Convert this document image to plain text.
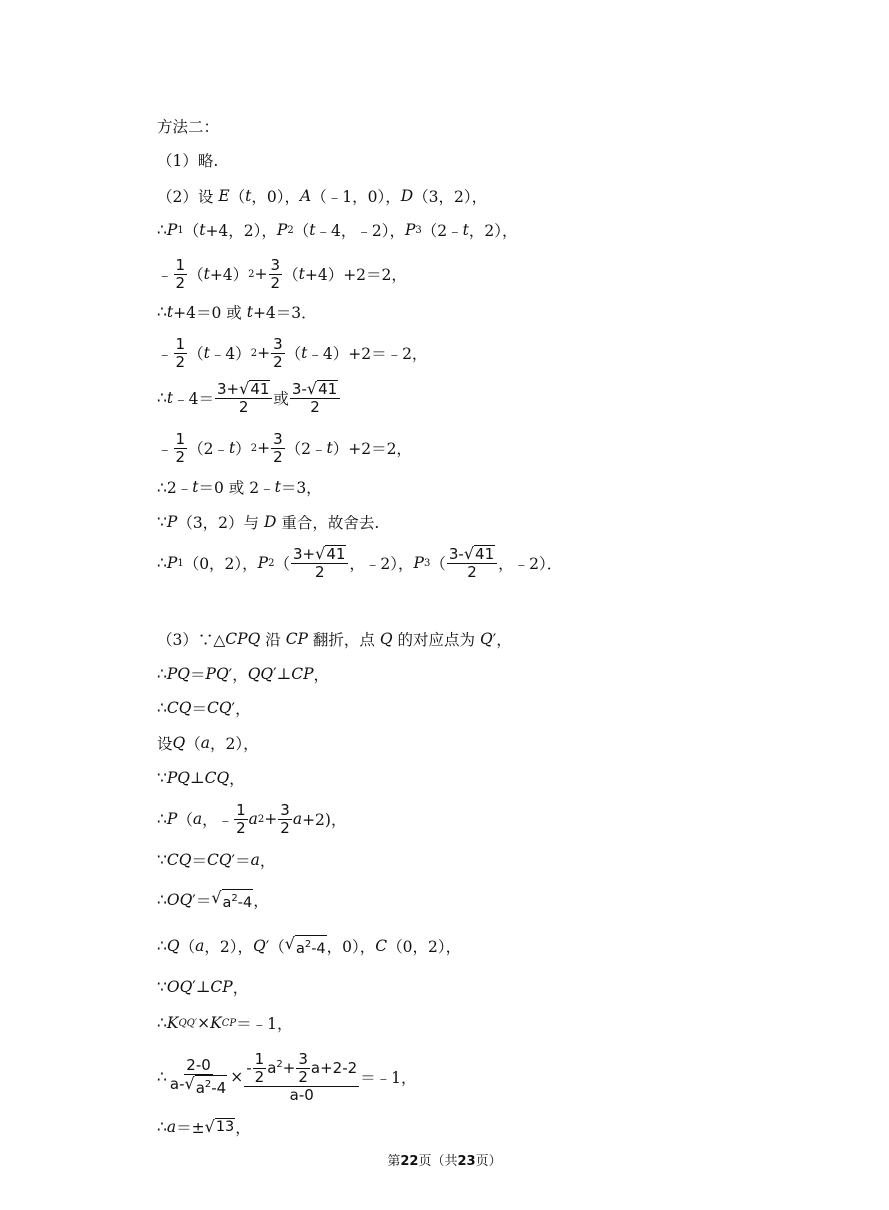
方法二：
（1）略.
（2）设
E （ t ，0）， A （﹣1，0）， D （3，2），
∴ P 1 （ t +4，2）， P 2 （ t ﹣4，﹣2）， P 3 （2﹣ t ，2），
﹣ $\frac{1}{2}$ （ t +4） $2 + \frac{3}{2}$ （ t +4）+2＝2，
∴ t +4＝0 或
t +4＝3．
﹣ $\frac{1}{2}$ （ t ﹣4） $2 + \frac{3}{2}$ （ t ﹣4）+2＝﹣2，
∴ t ﹣4＝ $\frac{3+ √ 41}{2}$ 或 $\frac{3- √ 41}{2}$
﹣ $\frac{1}{2}$ （2﹣ t ） $2 + \frac{3}{2}$ （2﹣ t ）+2＝2，
∴2﹣ t ＝0 或 2﹣ t ＝3，
∵ P （3，2） 与
D
重合，故舍去.
∴ P 1 （0，2）， P 2 （ $\frac{3+ √ 41}{2}$ ，﹣2）， P 3 （ $\frac{3- √ 41}{2}$ ，﹣2）．
（3）∵△ CPQ
沿
CP
翻折，点
Q
的对应点为
Q ′，
∴ PQ ＝ PQ ′， QQ ′⊥ CP ，
∴ CQ ＝ CQ ′，
设 Q （ a ，2），
∵ PQ ⊥ CQ ，
∴ P （ a ，﹣ $\frac{1}{2}$ a $2 + \frac{3}{2}$ a +2)，
∵ CQ ＝ CQ ′＝ a ，
∴ OQ ′＝ √ $a^2-4$ ，
∴ Q （ a ，2）， Q ′（ √ $a^2-4$ ，0）， C （0，2），
∵ OQ ′⊥ CP ，
∴ K QQ′ × K CP ＝﹣1，
∴ $\frac{2-0}{a- √ a^2-4} \times \frac{- \frac{1}{2} a^2+ \frac{3}{2} a+2-2}{a-0}$ ＝﹣1，
∴ a ＝± √ 13 ，
第22页（共23页）
